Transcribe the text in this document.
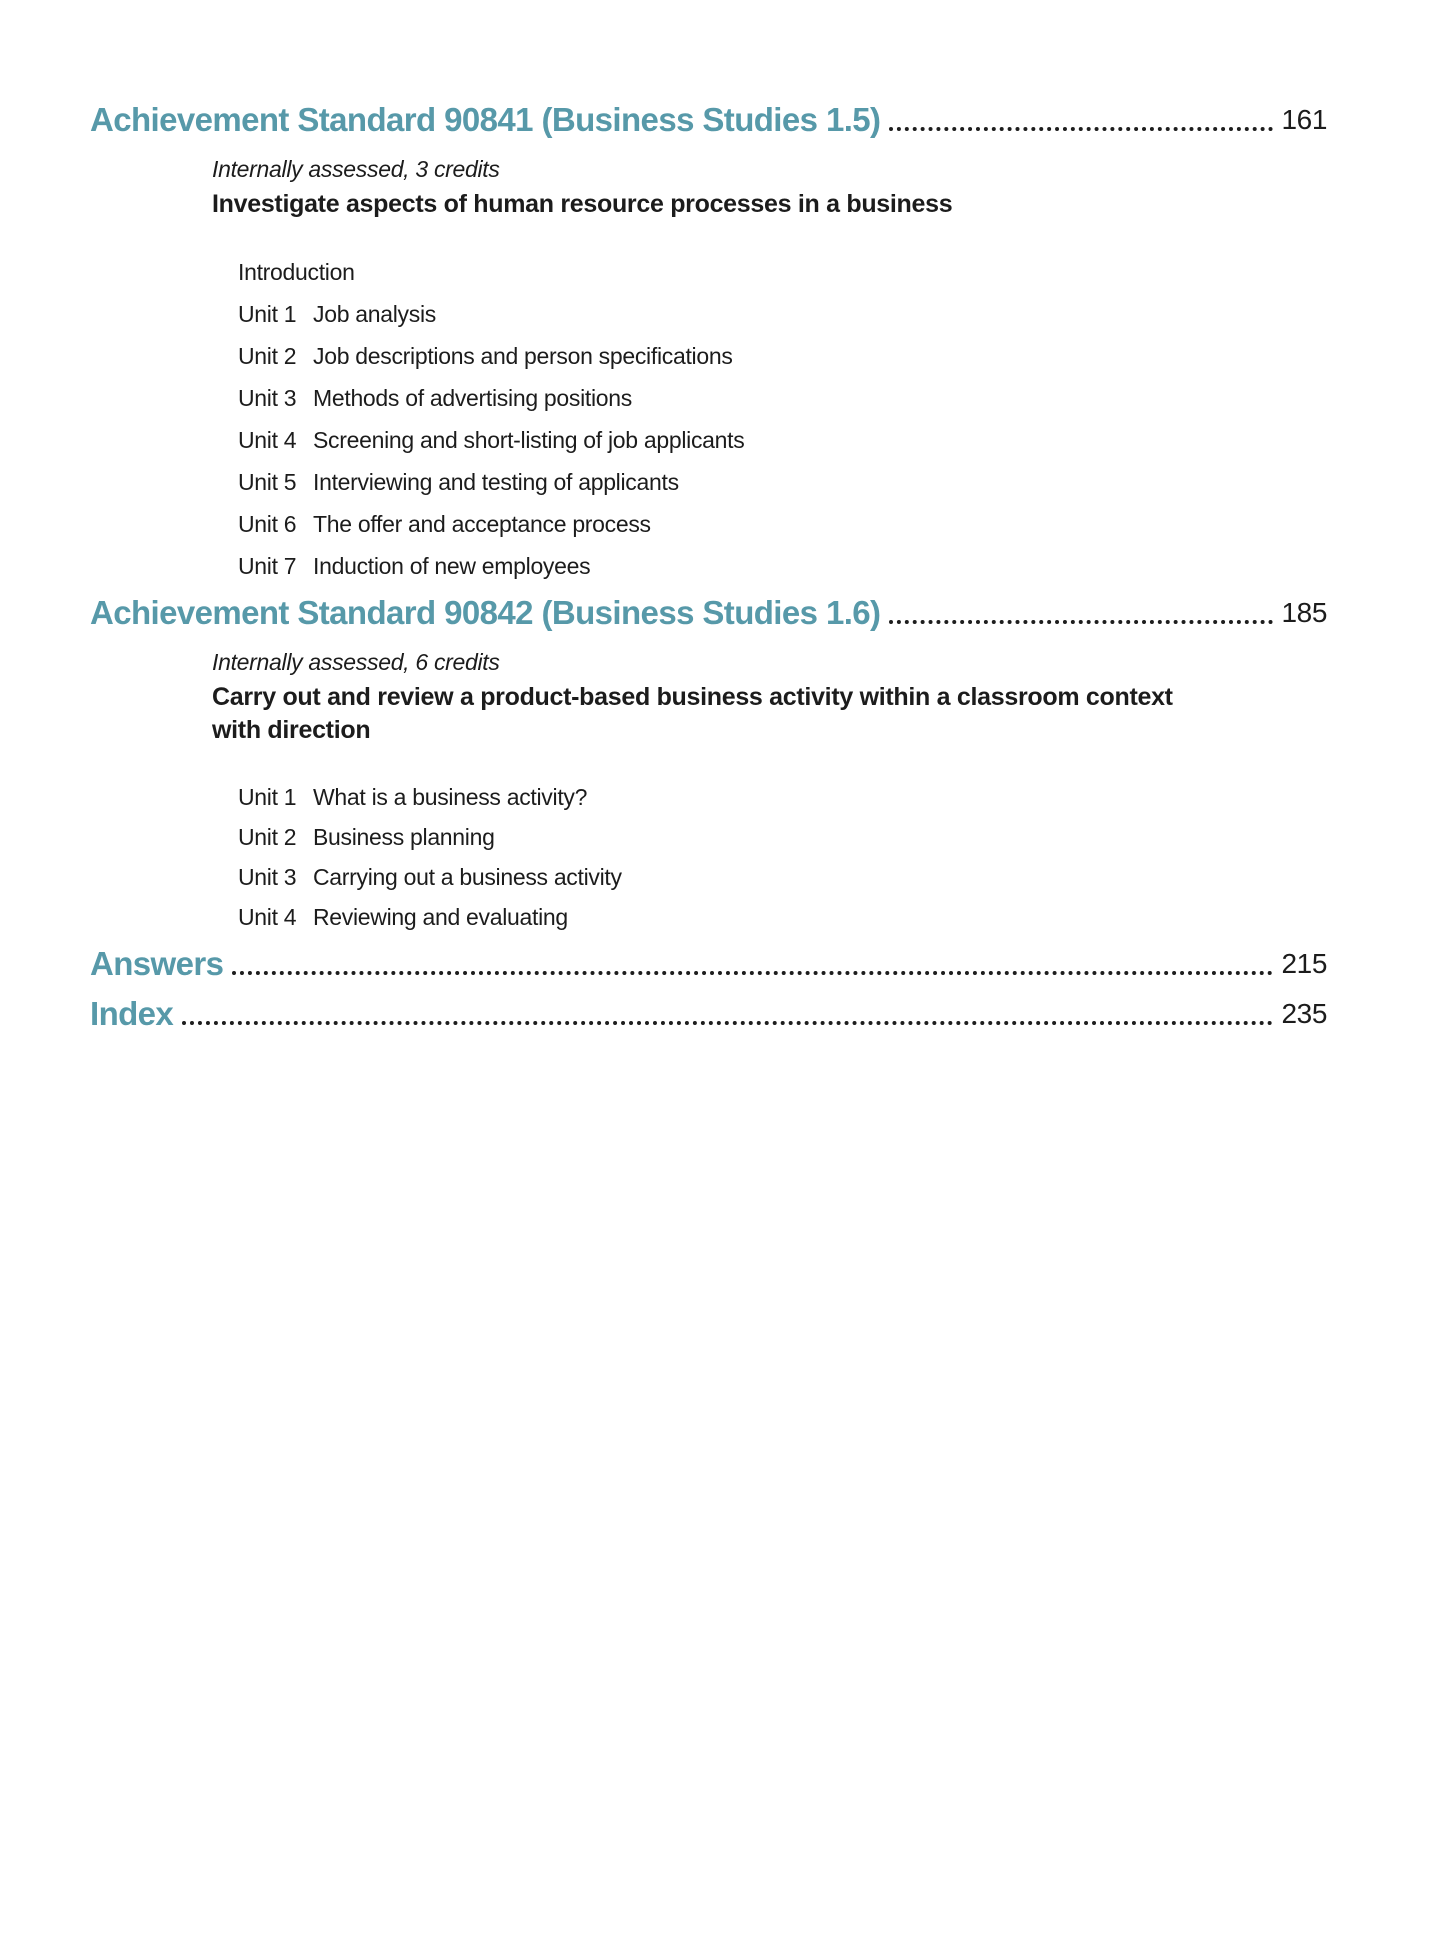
Achievement Standard 90841 (Business Studies 1.5)	161
Internally assessed, 3 credits
Investigate aspects of human resource processes in a business
Introduction
Unit 1 Job analysis
Unit 2 Job descriptions and person specifications
Unit 3 Methods of advertising positions
Unit 4 Screening and short-listing of job applicants
Unit 5 Interviewing and testing of applicants
Unit 6 The offer and acceptance process
Unit 7 Induction of new employees
Achievement Standard 90842 (Business Studies 1.6)	185
Internally assessed, 6 credits
Carry out and review a product-based business activity within a classroom context
with direction
Unit 1 What is a business activity?
Unit 2 Business planning
Unit 3 Carrying out a business activity
Unit 4 Reviewing and evaluating
Answers	215
Index	235
